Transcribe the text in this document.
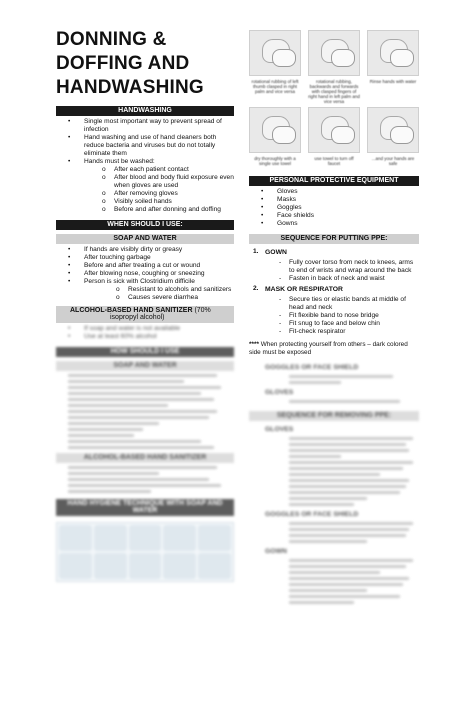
DONNING &
DOFFING AND
HANDWASHING
HANDWASHING
• Single most important way to prevent spread of infection
• Hand washing and use of hand cleaners both reduce bacteria and viruses but do not totally eliminate them
• Hands must be washed:
o After each patient contact
o After blood and body fluid exposure even when gloves are used
o After removing gloves
o Visibly soiled hands
o Before and after donning and doffing
WHEN SHOULD I USE:
SOAP AND WATER
• If hands are visibly dirty or greasy
• After touching garbage
• Before and after treating a cut or wound
• After blowing nose, coughing or sneezing
• Person is sick with Clostridium difficile
o Resistant to alcohols and sanitizers
o Causes severe diarrhea
ALCOHOL-BASED HAND SANITIZER (70%
isopropyl alcohol)
• If soap and water is not available
• Use at least 60% alcohol
HOW SHOULD I USE
SOAP AND WATER
ALCOHOL-BASED HAND SANITIZER
HAND HYGIENE TECHNIQUE WITH SOAP AND WATER
rotational rubbing of left thumb clasped in right palm and vice versa
rotational rubbing, backwards and forwards with clasped fingers of right hand in left palm and vice versa
Rinse hands with water
dry thoroughly with a single use towel
use towel to turn off faucet
...and your hands are safe
PERSONAL PROTECTIVE EQUIPMENT
• Gloves
• Masks
• Goggles
• Face shields
• Gowns
SEQUENCE FOR PUTTING PPE:
1. GOWN
- Fully cover torso from neck to knees, arms to end of wrists and wrap around the back
- Fasten in back of neck and waist
2. MASK OR RESPIRATOR
- Secure ties or elastic bands at middle of head and neck
- Fit flexible band to nose bridge
- Fit snug to face and below chin
- Fit-check respirator
**** When protecting yourself from others – dark colored side must be exposed
GOGGLES OR FACE SHIELD
GLOVES
SEQUENCE FOR REMOVING PPE:
GLOVES
GOGGLES OR FACE SHIELD
GOWN
